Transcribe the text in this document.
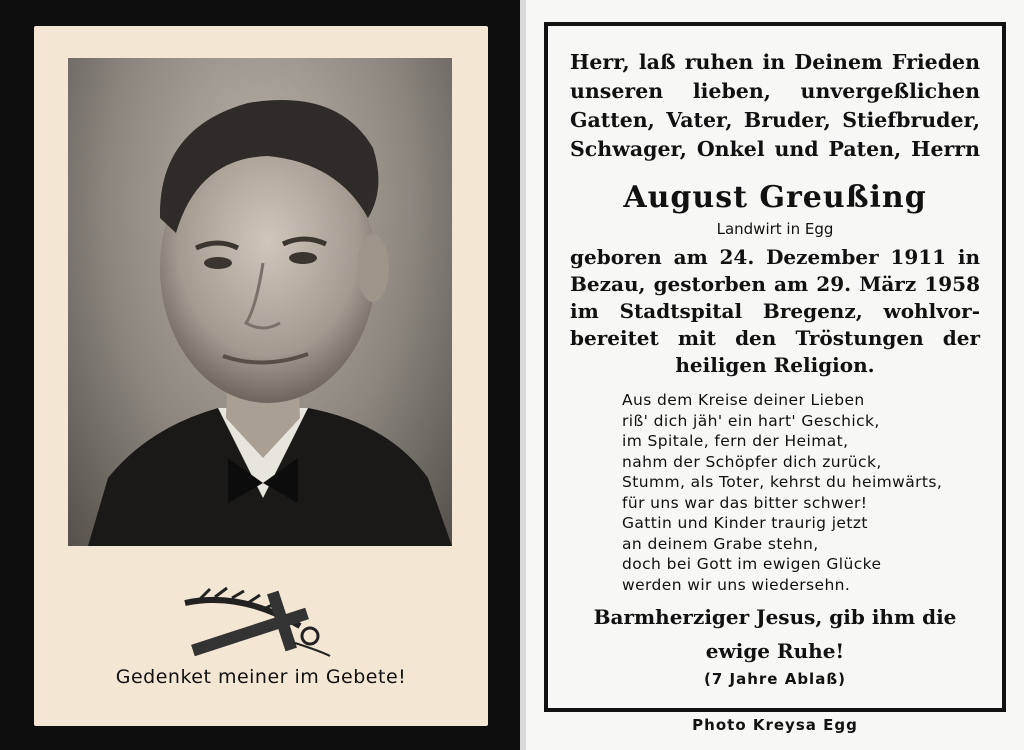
Gedenket meiner im Gebete!
Herr, laß ruhen in Deinem Frieden
unseren lieben, unvergeßlichen
Gatten, Vater, Bruder, Stiefbruder,
Schwager, Onkel und Paten, Herrn
August Greußing
Landwirt in Egg
geboren am 24. Dezember 1911 in
Bezau, gestorben am 29. März 1958
im Stadtspital Bregenz, wohlvor-
bereitet mit den Tröstungen der
heiligen Religion.
Aus dem Kreise deiner Lieben
riß' dich jäh' ein hart' Geschick,
im Spitale, fern der Heimat,
nahm der Schöpfer dich zurück,
Stumm, als Toter, kehrst du heimwärts,
für uns war das bitter schwer!
Gattin und Kinder traurig jetzt
an deinem Grabe stehn,
doch bei Gott im ewigen Glücke
werden wir uns wiedersehn.
Barmherziger Jesus, gib ihm die
ewige Ruhe!
(7 Jahre Ablaß)
Photo Kreysa Egg
